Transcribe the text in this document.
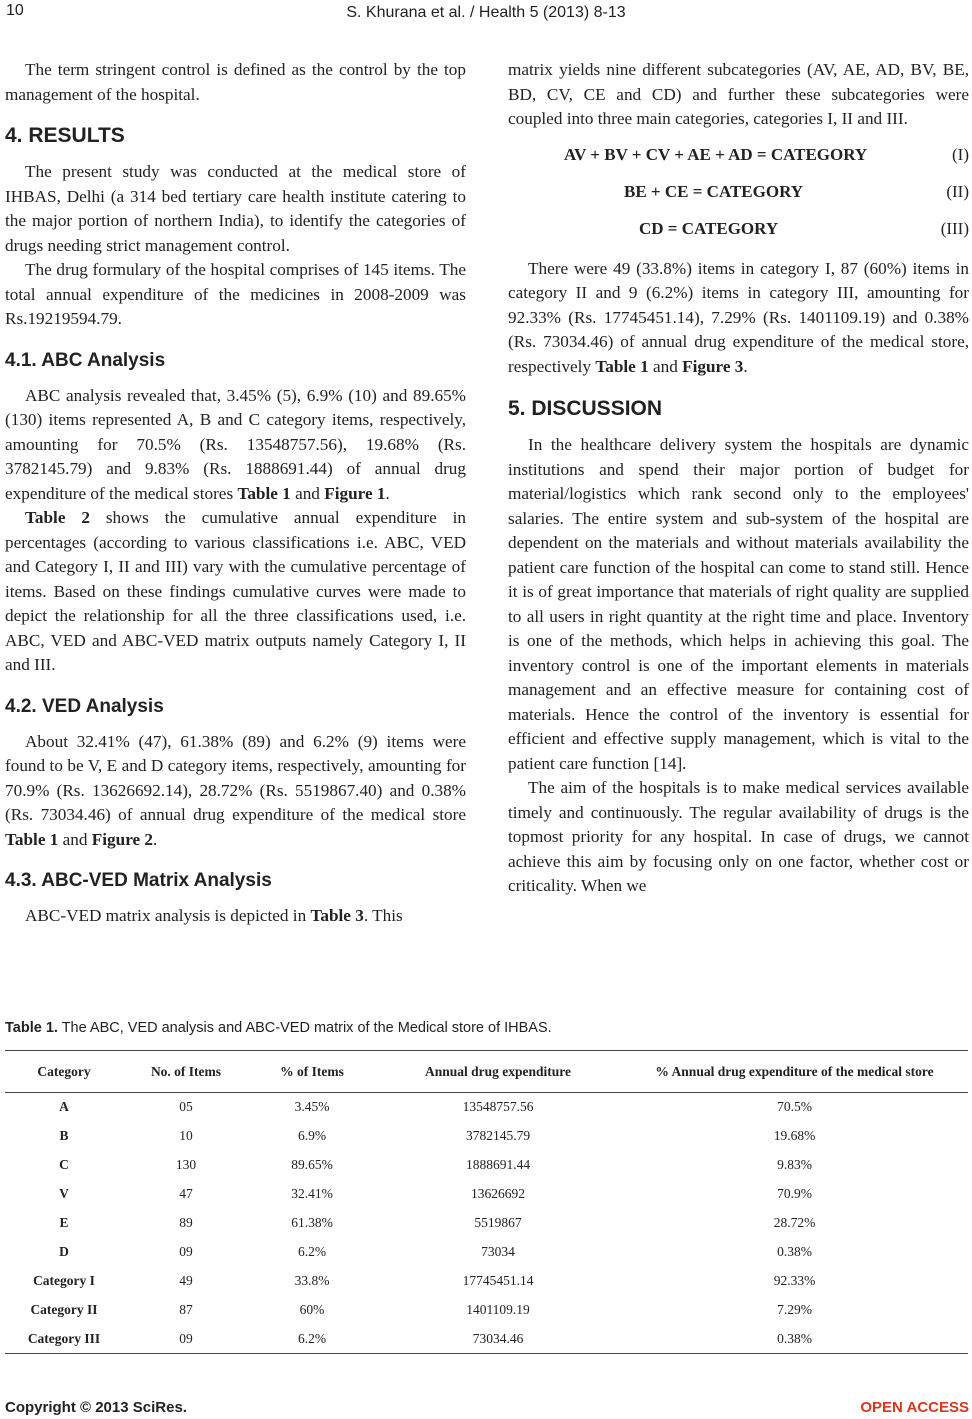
10	S. Khurana et al. / Health 5 (2013) 8-13

The term stringent control is defined as the control by the top management of the hospital.

4. RESULTS

The present study was conducted at the medical store of IHBAS, Delhi (a 314 bed tertiary care health institute catering to the major portion of northern India), to identify the categories of drugs needing strict management control.

The drug formulary of the hospital comprises of 145 items. The total annual expenditure of the medicines in 2008-2009 was Rs.19219594.79.

4.1. ABC Analysis

ABC analysis revealed that, 3.45% (5), 6.9% (10) and 89.65% (130) items represented A, B and C category items, respectively, amounting for 70.5% (Rs. 13548757.56), 19.68% (Rs. 3782145.79) and 9.83% (Rs. 1888691.44) of annual drug expenditure of the medical stores Table 1 and Figure 1.

Table 2 shows the cumulative annual expenditure in percentages (according to various classifications i.e. ABC, VED and Category I, II and III) vary with the cumulative percentage of items. Based on these findings cumulative curves were made to depict the relationship for all the three classifications used, i.e. ABC, VED and ABC-VED matrix outputs namely Category I, II and III.

4.2. VED Analysis

About 32.41% (47), 61.38% (89) and 6.2% (9) items were found to be V, E and D category items, respectively, amounting for 70.9% (Rs. 13626692.14), 28.72% (Rs. 5519867.40) and 0.38% (Rs. 73034.46) of annual drug expenditure of the medical store Table 1 and Figure 2.

4.3. ABC-VED Matrix Analysis

ABC-VED matrix analysis is depicted in Table 3. This

matrix yields nine different subcategories (AV, AE, AD, BV, BE, BD, CV, CE and CD) and further these subcategories were coupled into three main categories, categories I, II and III.

AV + BV + CV + AE + AD = CATEGORY	(I)
BE + CE = CATEGORY	(II)
CD = CATEGORY	(III)

There were 49 (33.8%) items in category I, 87 (60%) items in category II and 9 (6.2%) items in category III, amounting for 92.33% (Rs. 17745451.14), 7.29% (Rs. 1401109.19) and 0.38% (Rs. 73034.46) of annual drug expenditure of the medical store, respectively Table 1 and Figure 3.

5. DISCUSSION

In the healthcare delivery system the hospitals are dynamic institutions and spend their major portion of budget for material/logistics which rank second only to the employees' salaries. The entire system and sub-system of the hospital are dependent on the materials and without materials availability the patient care function of the hospital can come to stand still. Hence it is of great importance that materials of right quality are supplied to all users in right quantity at the right time and place. Inventory is one of the methods, which helps in achieving this goal. The inventory control is one of the important elements in materials management and an effective measure for containing cost of materials. Hence the control of the inventory is essential for efficient and effective supply management, which is vital to the patient care function [14].

The aim of the hospitals is to make medical services available timely and continuously. The regular availability of drugs is the topmost priority for any hospital. In case of drugs, we cannot achieve this aim by focusing only on one factor, whether cost or criticality. When we

Table 1. The ABC, VED analysis and ABC-VED matrix of the Medical store of IHBAS.
Category	No. of Items	% of Items	Annual drug expenditure	% Annual drug expenditure of the medical store
A	05	3.45%	13548757.56	70.5%
B	10	6.9%	3782145.79	19.68%
C	130	89.65%	1888691.44	9.83%
V	47	32.41%	13626692	70.9%
E	89	61.38%	5519867	28.72%
D	09	6.2%	73034	0.38%
Category I	49	33.8%	17745451.14	92.33%
Category II	87	60%	1401109.19	7.29%
Category III	09	6.2%	73034.46	0.38%
Copyright © 2013 SciRes.	OPEN ACCESS
